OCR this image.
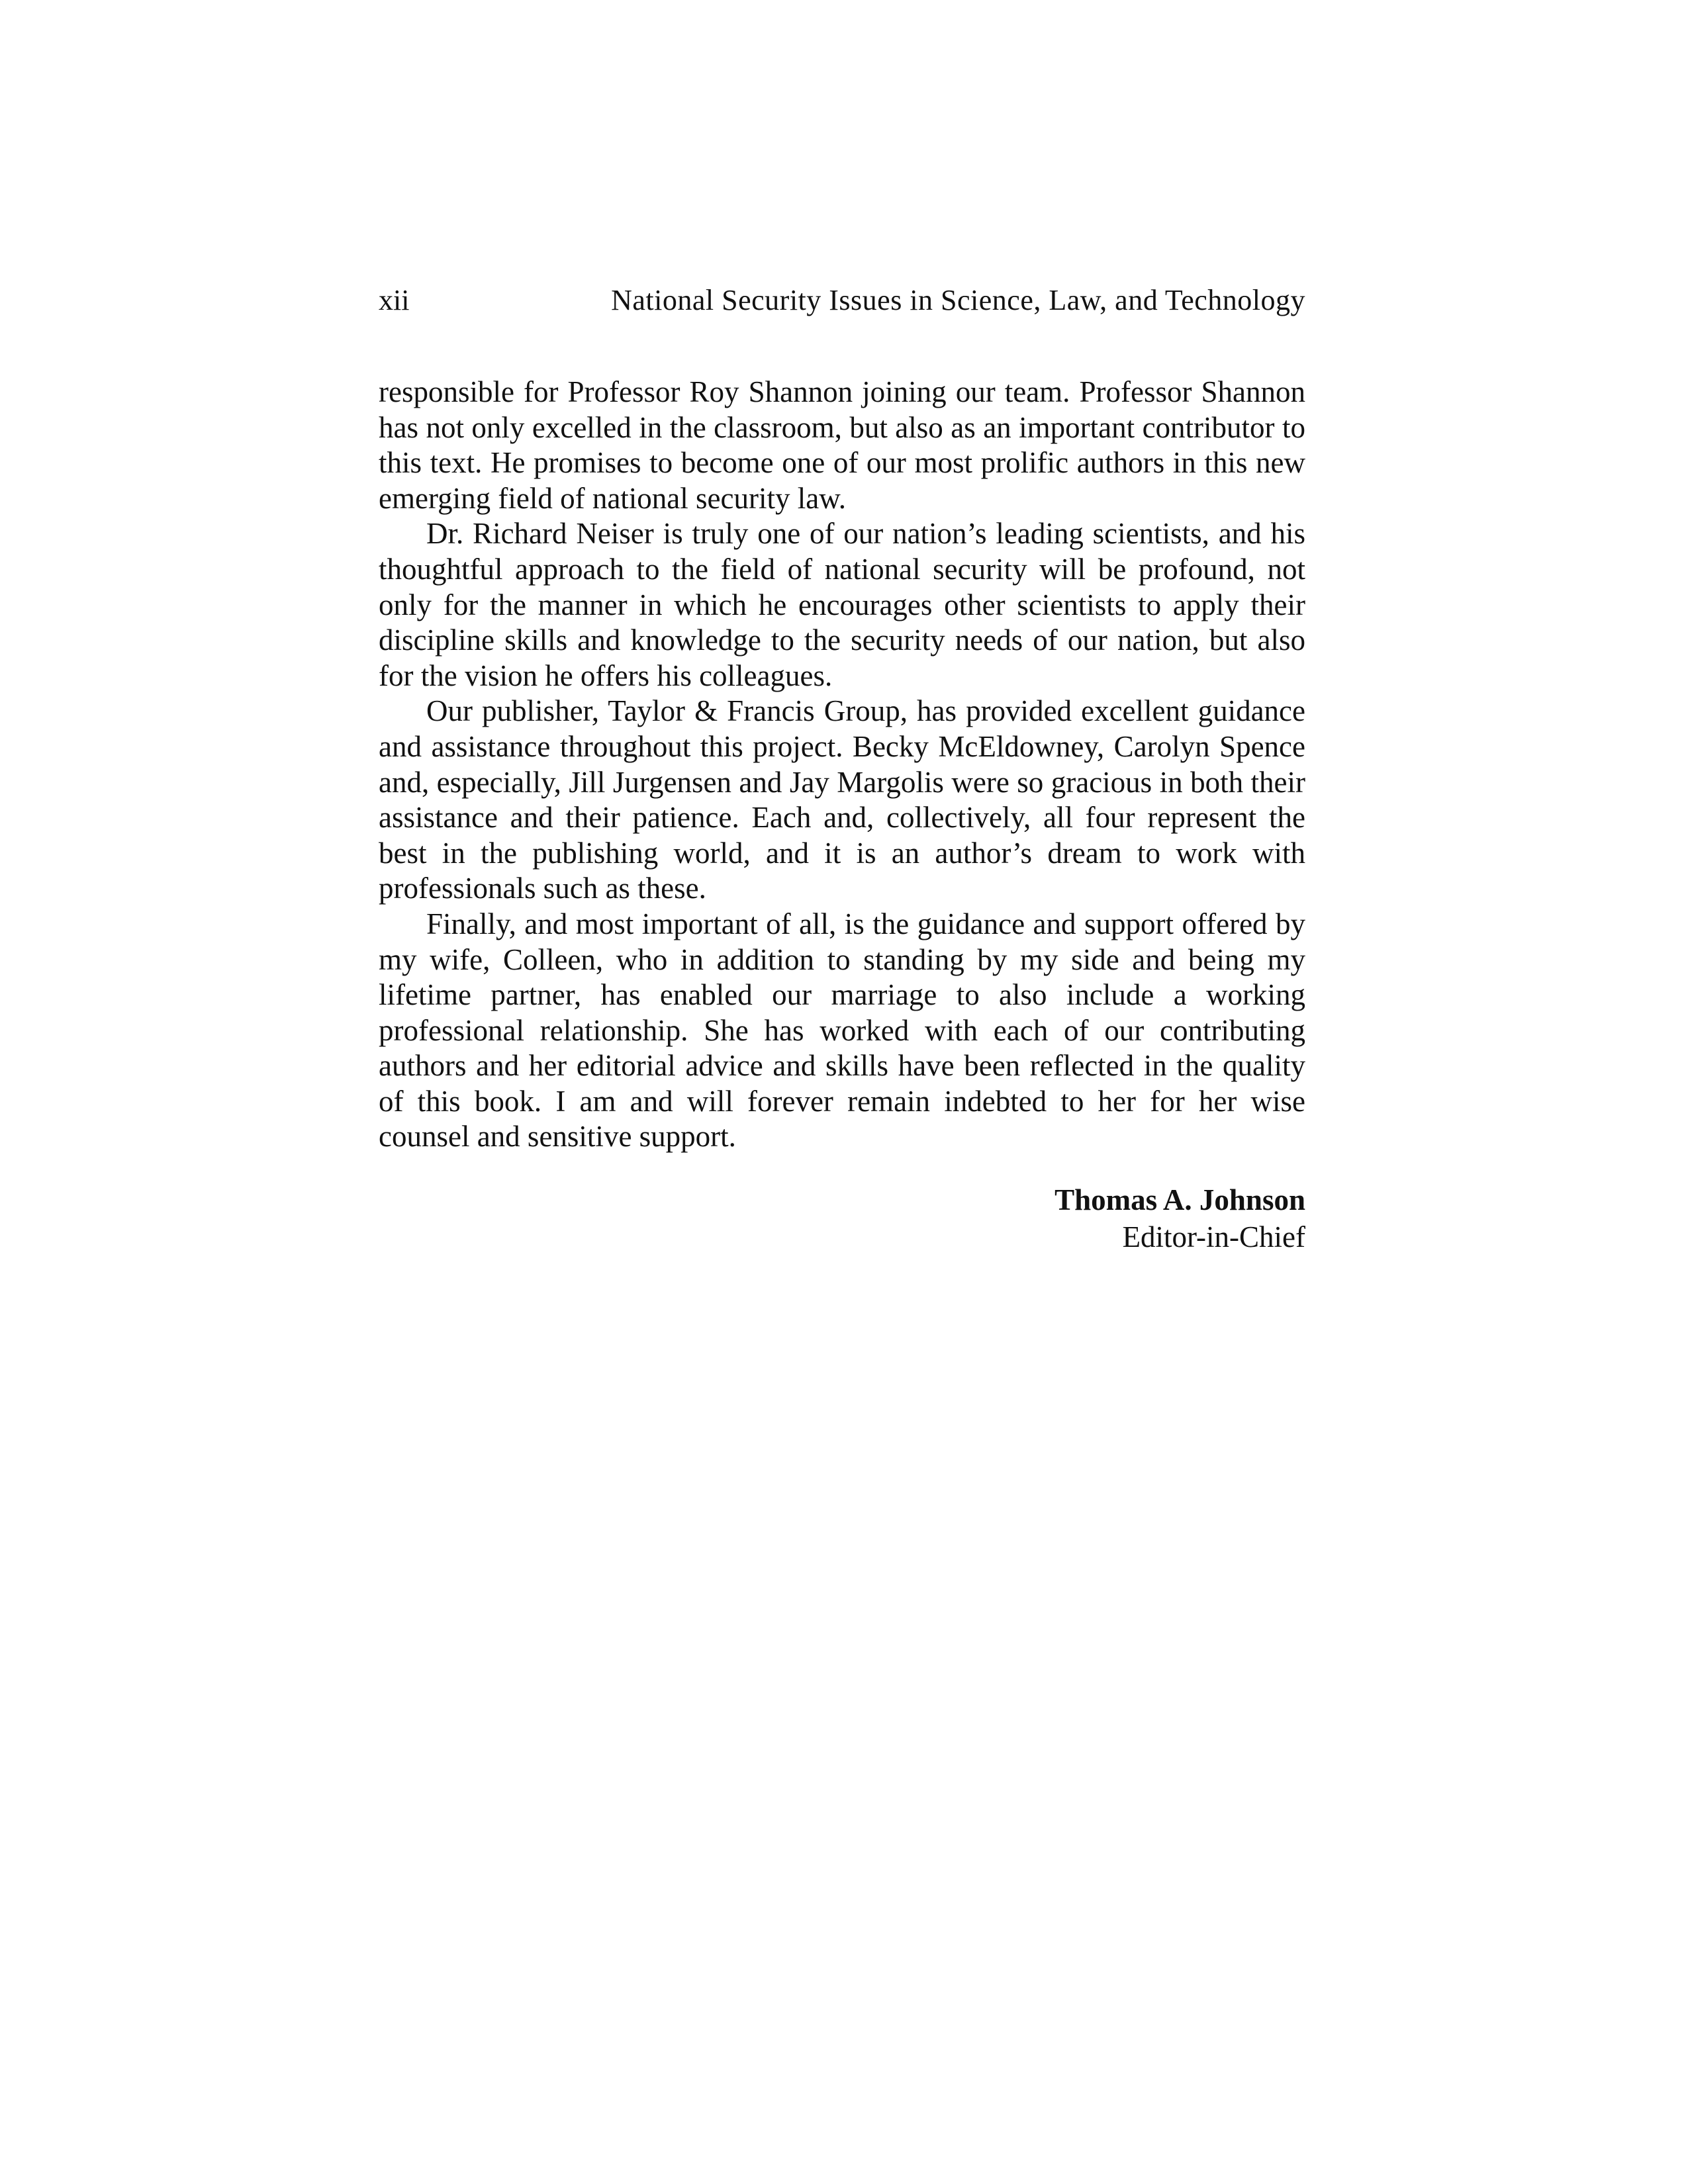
xii	National Security Issues in Science, Law, and Technology

responsible for Professor Roy Shannon joining our team. Professor Shannon has not only excelled in the classroom, but also as an important contributor to this text. He promises to become one of our most prolific authors in this new emerging field of national security law.

Dr. Richard Neiser is truly one of our nation’s leading scientists, and his thoughtful approach to the field of national security will be profound, not only for the manner in which he encourages other scientists to apply their discipline skills and knowledge to the security needs of our nation, but also for the vision he offers his colleagues.

Our publisher, Taylor & Francis Group, has provided excellent guidance and assistance throughout this project. Becky McEldowney, Carolyn Spence and, especially, Jill Jurgensen and Jay Margolis were so gracious in both their assistance and their patience. Each and, collectively, all four represent the best in the publishing world, and it is an author’s dream to work with professionals such as these.

Finally, and most important of all, is the guidance and support offered by my wife, Colleen, who in addition to standing by my side and being my lifetime partner, has enabled our marriage to also include a working professional relationship. She has worked with each of our contributing authors and her editorial advice and skills have been reflected in the quality of this book. I am and will forever remain indebted to her for her wise counsel and sensitive support.

Thomas A. Johnson
Editor-in-Chief
